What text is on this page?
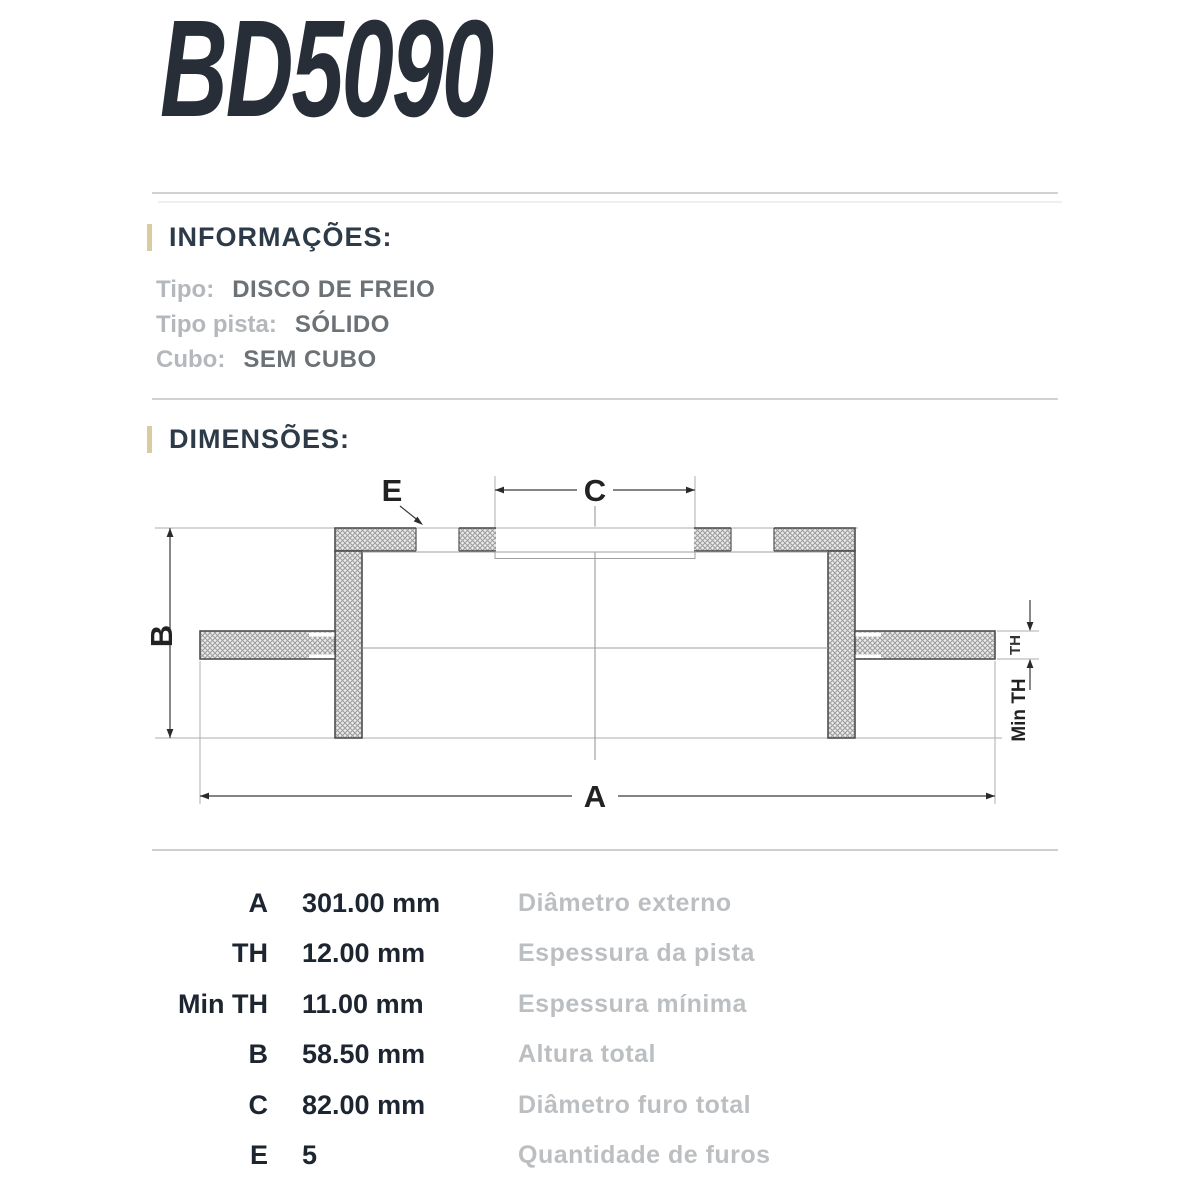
BD5090
INFORMAÇÕES:
Tipo: DISCO DE FREIO
Tipo pista: SÓLIDO
Cubo: SEM CUBO
DIMENSÕES:
C
E
B
A
TH
Min TH
A 301.00 mm	Diâmetro externo
TH 12.00 mm	Espessura da pista
Min TH 11.00 mm	Espessura mínima
B 58.50 mm	Altura total
C 82.00 mm	Diâmetro furo total
E 5	Quantidade de furos
